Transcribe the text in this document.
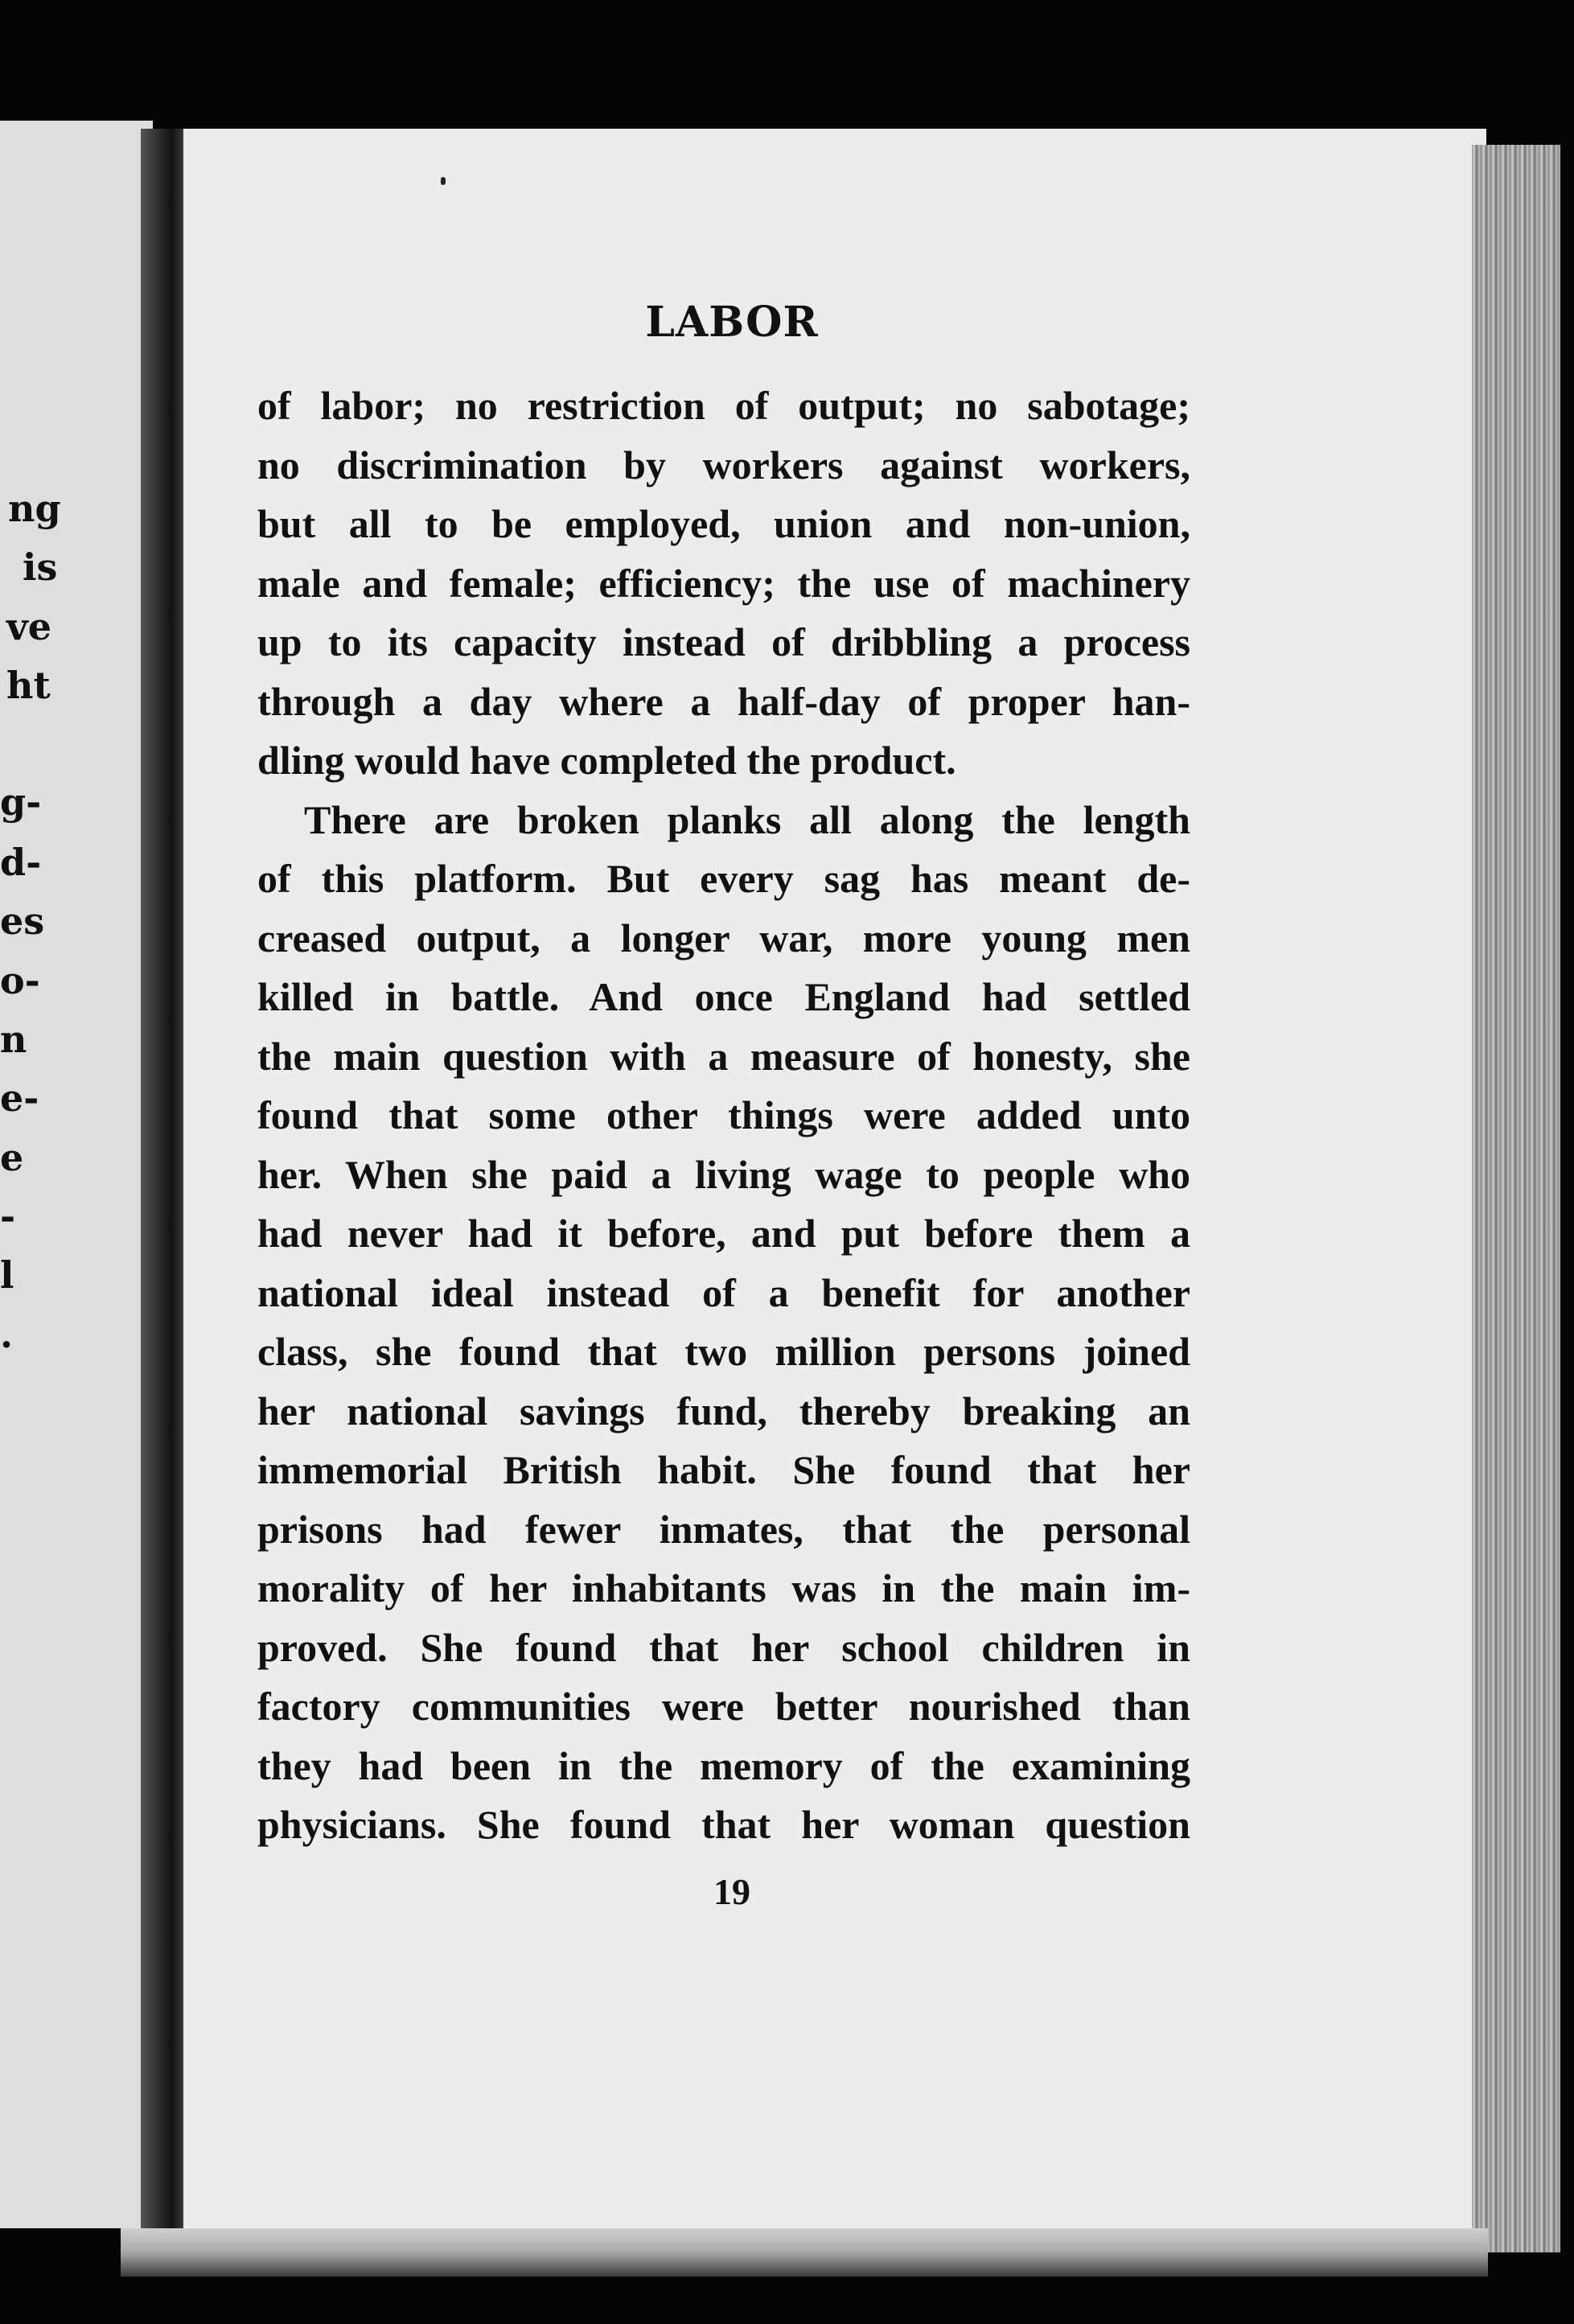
ng
is
ve
ht
g-
d-
es
o-
n
e-
e
-
l
.
LABOR
of labor; no restriction of output; no sabotage;
no discrimination by workers against workers,
but all to be employed, union and non-union,
male and female; efficiency; the use of machinery
up to its capacity instead of dribbling a process
through a day where a half-day of proper han-
dling would have completed the product.
There are broken planks all along the length
of this platform. But every sag has meant de-
creased output, a longer war, more young men
killed in battle. And once England had settled
the main question with a measure of honesty, she
found that some other things were added unto
her. When she paid a living wage to people who
had never had it before, and put before them a
national ideal instead of a benefit for another
class, she found that two million persons joined
her national savings fund, thereby breaking an
immemorial British habit. She found that her
prisons had fewer inmates, that the personal
morality of her inhabitants was in the main im-
proved. She found that her school children in
factory communities were better nourished than
they had been in the memory of the examining
physicians. She found that her woman question
19
